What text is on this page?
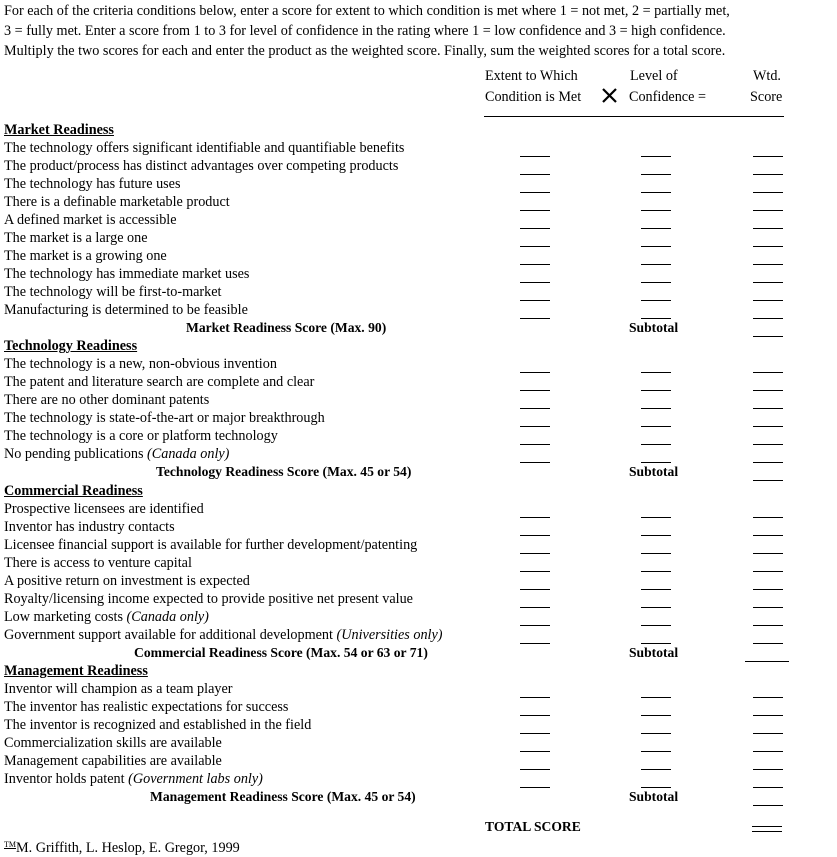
For each of the criteria conditions below, enter a score for extent to which condition is met where 1 = not met, 2 = partially met,
3 = fully met. Enter a score from 1 to 3 for level of confidence in the rating where 1 = low confidence and 3 = high confidence.
Multiply the two scores for each and enter the product as the weighted score. Finally, sum the weighted scores for a total score.
Extent to Which
Condition is Met
Level of
Confidence =
Wtd.
Score
Market Readiness
The technology offers significant identifiable and quantifiable benefits
The product/process has distinct advantages over competing products
The technology has future uses
There is a definable marketable product
A defined market is accessible
The market is a large one
The market is a growing one
The technology has immediate market uses
The technology will be first-to-market
Manufacturing is determined to be feasible
Market Readiness Score (Max. 90)	Subtotal
Technology Readiness
The technology is a new, non-obvious invention
The patent and literature search are complete and clear
There are no other dominant patents
The technology is state-of-the-art or major breakthrough
The technology is a core or platform technology
No pending publications (Canada only)
Technology Readiness Score (Max. 45 or 54)	Subtotal
Commercial Readiness
Prospective licensees are identified
Inventor has industry contacts
Licensee financial support is available for further development/patenting
There is access to venture capital
A positive return on investment is expected
Royalty/licensing income expected to provide positive net present value
Low marketing costs (Canada only)
Government support available for additional development (Universities only)
Commercial Readiness Score (Max. 54 or 63 or 71)	Subtotal
Management Readiness
Inventor will champion as a team player
The inventor has realistic expectations for success
The inventor is recognized and established in the field
Commercialization skills are available
Management capabilities are available
Inventor holds patent (Government labs only)
Management Readiness Score (Max. 45 or 54)	Subtotal
TOTAL SCORE
™M. Griffith, L. Heslop, E. Gregor, 1999
